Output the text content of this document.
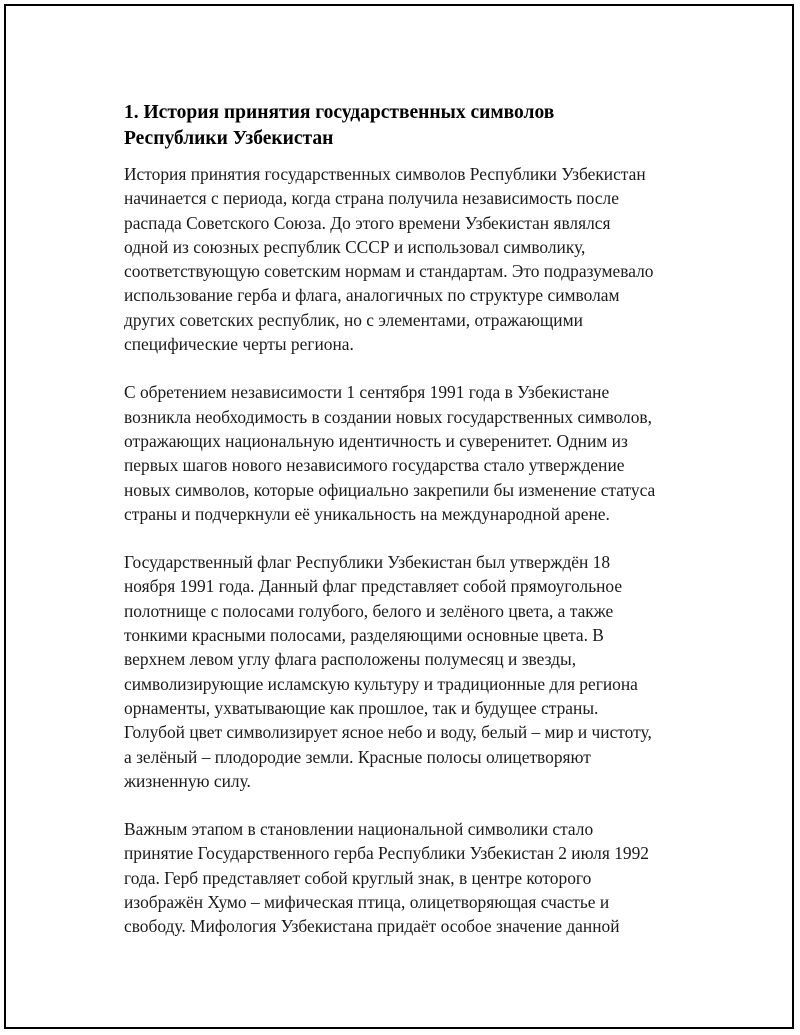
1. История принятия государственных символов
Республики Узбекистан

История принятия государственных символов Республики Узбекистан
начинается с периода, когда страна получила независимость после
распада Советского Союза. До этого времени Узбекистан являлся
одной из союзных республик СССР и использовал символику,
соответствующую советским нормам и стандартам. Это подразумевало
использование герба и флага, аналогичных по структуре символам
других советских республик, но с элементами, отражающими
специфические черты региона.

С обретением независимости 1 сентября 1991 года в Узбекистане
возникла необходимость в создании новых государственных символов,
отражающих национальную идентичность и суверенитет. Одним из
первых шагов нового независимого государства стало утверждение
новых символов, которые официально закрепили бы изменение статуса
страны и подчеркнули её уникальность на международной арене.

Государственный флаг Республики Узбекистан был утверждён 18
ноября 1991 года. Данный флаг представляет собой прямоугольное
полотнище с полосами голубого, белого и зелёного цвета, а также
тонкими красными полосами, разделяющими основные цвета. В
верхнем левом углу флага расположены полумесяц и звезды,
символизирующие исламскую культуру и традиционные для региона
орнаменты, ухватывающие как прошлое, так и будущее страны.
Голубой цвет символизирует ясное небо и воду, белый – мир и чистоту,
а зелёный – плодородие земли. Красные полосы олицетворяют
жизненную силу.

Важным этапом в становлении национальной символики стало
принятие Государственного герба Республики Узбекистан 2 июля 1992
года. Герб представляет собой круглый знак, в центре которого
изображён Хумо – мифическая птица, олицетворяющая счастье и
свободу. Мифология Узбекистана придаёт особое значение данной
